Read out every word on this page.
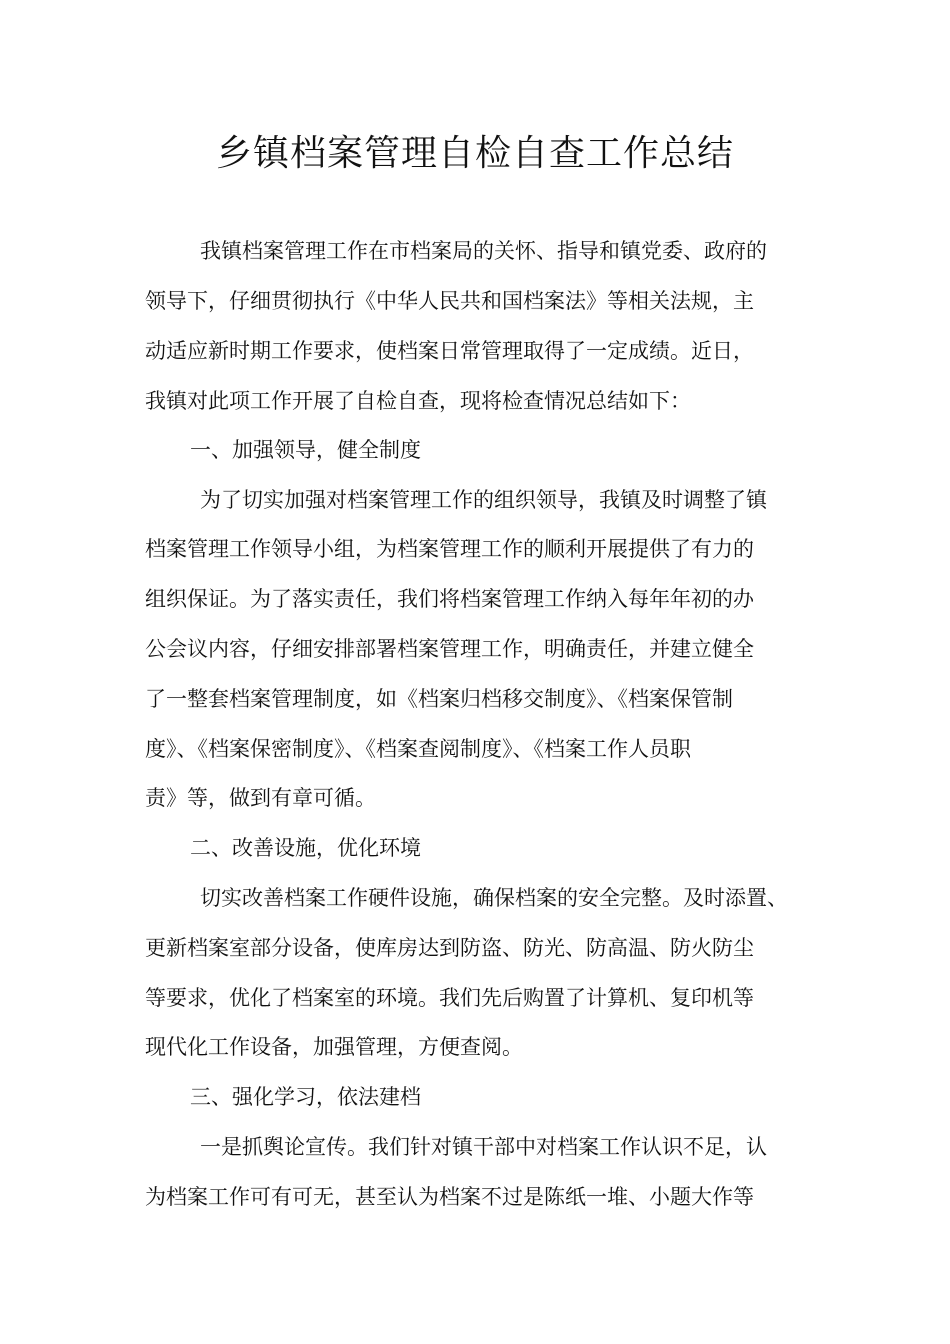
乡镇档案管理自检自查工作总结
我镇档案管理工作在市档案局的关怀、指导和镇党委、政府的
领导下，仔细贯彻执行《中华人民共和国档案法》等相关法规，主
动适应新时期工作要求，使档案日常管理取得了一定成绩。近日，
我镇对此项工作开展了自检自查，现将检查情况总结如下：
一、加强领导，健全制度
为了切实加强对档案管理工作的组织领导，我镇及时调整了镇
档案管理工作领导小组，为档案管理工作的顺利开展提供了有力的
组织保证。为了落实责任，我们将档案管理工作纳入每年年初的办
公会议内容，仔细安排部署档案管理工作，明确责任，并建立健全
了一整套档案管理制度，如《档案归档移交制度》、《档案保管制
度》、《档案保密制度》、《档案查阅制度》、《档案工作人员职
责》等，做到有章可循。
二、改善设施，优化环境
切实改善档案工作硬件设施，确保档案的安全完整。及时添置、
更新档案室部分设备，使库房达到防盗、防光、防高温、防火防尘
等要求，优化了档案室的环境。我们先后购置了计算机、复印机等
现代化工作设备，加强管理，方便查阅。
三、强化学习，依法建档
一是抓舆论宣传。我们针对镇干部中对档案工作认识不足，认
为档案工作可有可无，甚至认为档案不过是陈纸一堆、小题大作等
